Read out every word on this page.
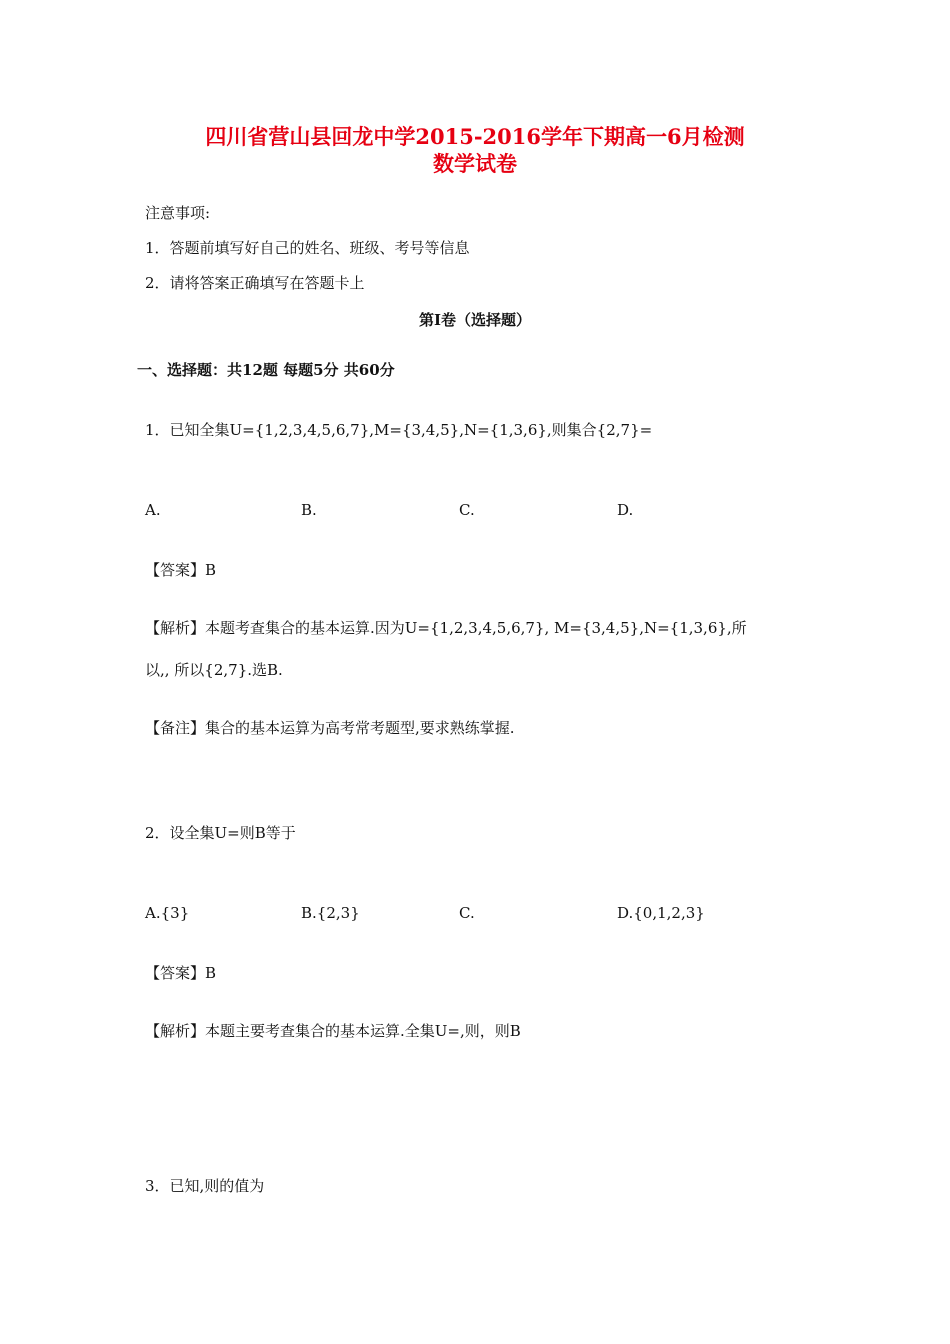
四川省营山县回龙中学2015-2016学年下期高一6月检测
数学试卷
注意事项:
1．答题前填写好自己的姓名、班级、考号等信息
2．请将答案正确填写在答题卡上
第I卷（选择题）
一、选择题：共12题 每题5分 共60分
1．已知全集U={1,2,3,4,5,6,7},M={3,4,5},N={1,3,6},则集合{2,7}=
A.	B.	C.	D.
【答案】B
【解析】本题考查集合的基本运算.因为U={1,2,3,4,5,6,7}, M={3,4,5},N={1,3,6},所
以,, 所以{2,7}.选B.
【备注】集合的基本运算为高考常考题型,要求熟练掌握.
2．设全集U=则B等于
A.{3}	B.{2,3}	C.	D.{0,1,2,3}
【答案】B
【解析】本题主要考查集合的基本运算.全集U=,则，则B
3．已知,则的值为
